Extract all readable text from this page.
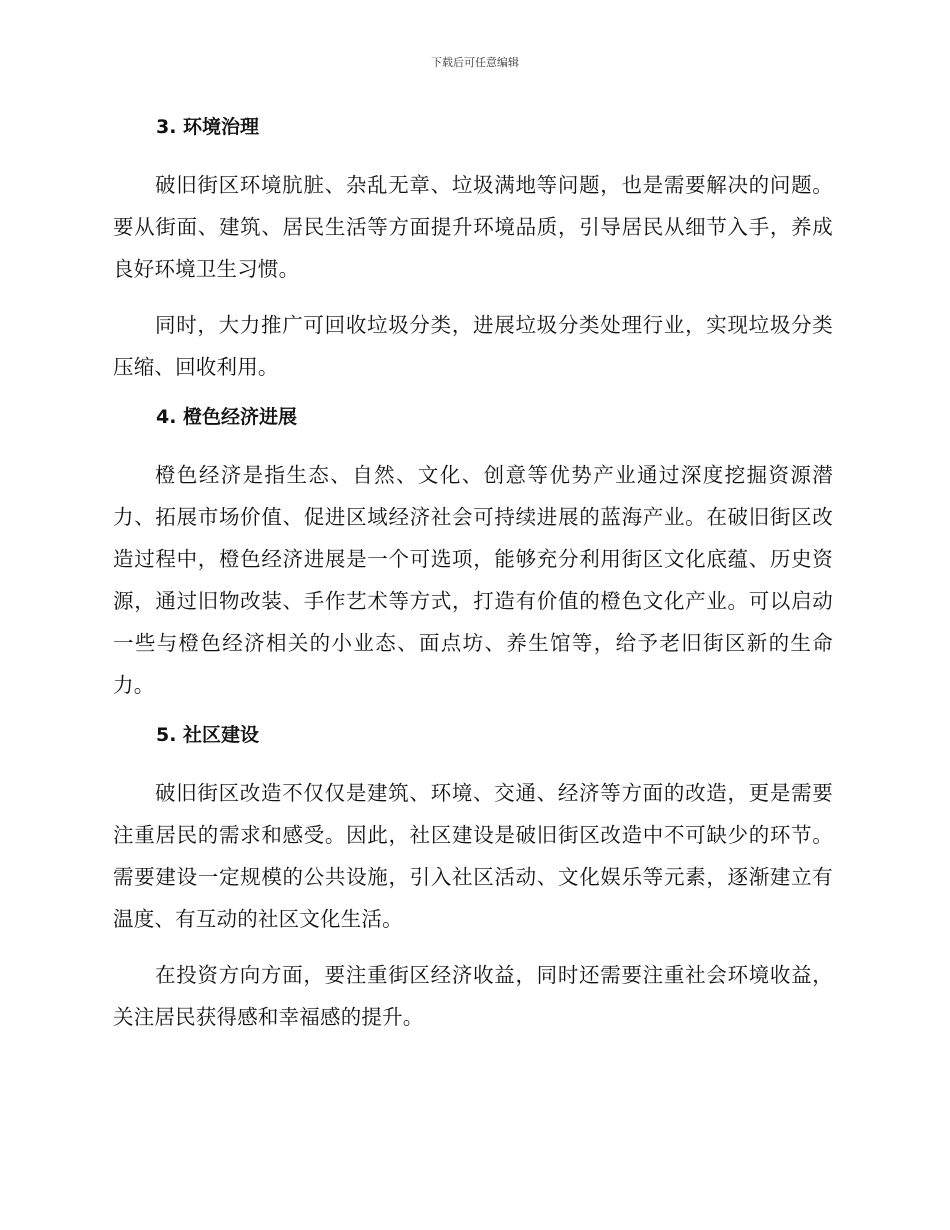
下载后可任意编辑
3. 环境治理

破旧街区环境肮脏、杂乱无章、垃圾满地等问题，也是需要解决的问题。要从街面、建筑、居民生活等方面提升环境品质，引导居民从细节入手，养成良好环境卫生习惯。

同时，大力推广可回收垃圾分类，进展垃圾分类处理行业，实现垃圾分类压缩、回收利用。

4. 橙色经济进展

橙色经济是指生态、自然、文化、创意等优势产业通过深度挖掘资源潜力、拓展市场价值、促进区域经济社会可持续进展的蓝海产业。在破旧街区改造过程中，橙色经济进展是一个可选项，能够充分利用街区文化底蕴、历史资源，通过旧物改装、手作艺术等方式，打造有价值的橙色文化产业。可以启动一些与橙色经济相关的小业态、面点坊、养生馆等，给予老旧街区新的生命力。

5. 社区建设

破旧街区改造不仅仅是建筑、环境、交通、经济等方面的改造，更是需要注重居民的需求和感受。因此，社区建设是破旧街区改造中不可缺少的环节。需要建设一定规模的公共设施，引入社区活动、文化娱乐等元素，逐渐建立有温度、有互动的社区文化生活。

在投资方向方面，要注重街区经济收益，同时还需要注重社会环境收益，关注居民获得感和幸福感的提升。
